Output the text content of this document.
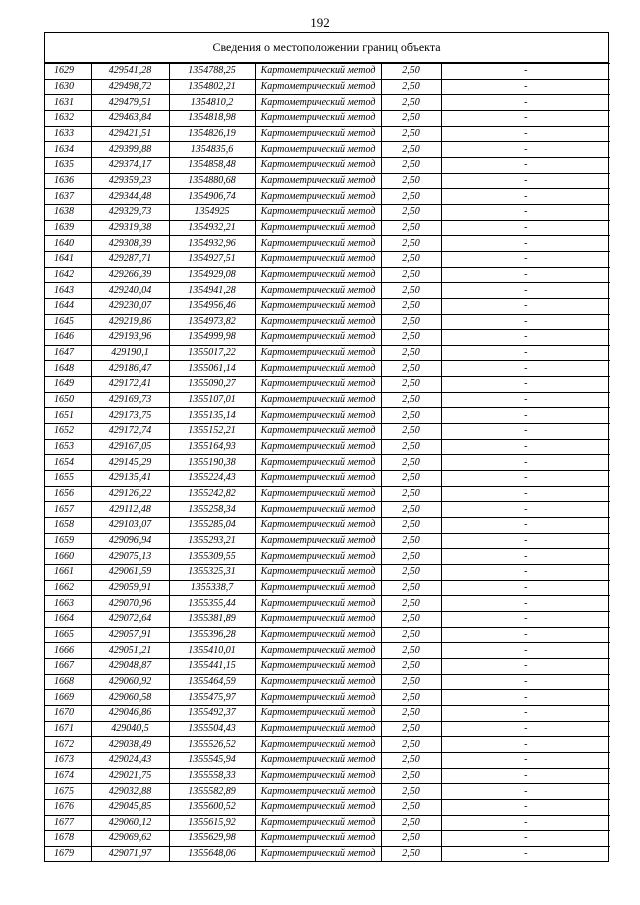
192
Сведения о местоположении границ объекта
1629	429541,28	1354788,25	Картометрический метод	2,50	-
1630	429498,72	1354802,21	Картометрический метод	2,50	-
1631	429479,51	1354810,2	Картометрический метод	2,50	-
1632	429463,84	1354818,98	Картометрический метод	2,50	-
1633	429421,51	1354826,19	Картометрический метод	2,50	-
1634	429399,88	1354835,6	Картометрический метод	2,50	-
1635	429374,17	1354858,48	Картометрический метод	2,50	-
1636	429359,23	1354880,68	Картометрический метод	2,50	-
1637	429344,48	1354906,74	Картометрический метод	2,50	-
1638	429329,73	1354925	Картометрический метод	2,50	-
1639	429319,38	1354932,21	Картометрический метод	2,50	-
1640	429308,39	1354932,96	Картометрический метод	2,50	-
1641	429287,71	1354927,51	Картометрический метод	2,50	-
1642	429266,39	1354929,08	Картометрический метод	2,50	-
1643	429240,04	1354941,28	Картометрический метод	2,50	-
1644	429230,07	1354956,46	Картометрический метод	2,50	-
1645	429219,86	1354973,82	Картометрический метод	2,50	-
1646	429193,96	1354999,98	Картометрический метод	2,50	-
1647	429190,1	1355017,22	Картометрический метод	2,50	-
1648	429186,47	1355061,14	Картометрический метод	2,50	-
1649	429172,41	1355090,27	Картометрический метод	2,50	-
1650	429169,73	1355107,01	Картометрический метод	2,50	-
1651	429173,75	1355135,14	Картометрический метод	2,50	-
1652	429172,74	1355152,21	Картометрический метод	2,50	-
1653	429167,05	1355164,93	Картометрический метод	2,50	-
1654	429145,29	1355190,38	Картометрический метод	2,50	-
1655	429135,41	1355224,43	Картометрический метод	2,50	-
1656	429126,22	1355242,82	Картометрический метод	2,50	-
1657	429112,48	1355258,34	Картометрический метод	2,50	-
1658	429103,07	1355285,04	Картометрический метод	2,50	-
1659	429096,94	1355293,21	Картометрический метод	2,50	-
1660	429075,13	1355309,55	Картометрический метод	2,50	-
1661	429061,59	1355325,31	Картометрический метод	2,50	-
1662	429059,91	1355338,7	Картометрический метод	2,50	-
1663	429070,96	1355355,44	Картометрический метод	2,50	-
1664	429072,64	1355381,89	Картометрический метод	2,50	-
1665	429057,91	1355396,28	Картометрический метод	2,50	-
1666	429051,21	1355410,01	Картометрический метод	2,50	-
1667	429048,87	1355441,15	Картометрический метод	2,50	-
1668	429060,92	1355464,59	Картометрический метод	2,50	-
1669	429060,58	1355475,97	Картометрический метод	2,50	-
1670	429046,86	1355492,37	Картометрический метод	2,50	-
1671	429040,5	1355504,43	Картометрический метод	2,50	-
1672	429038,49	1355526,52	Картометрический метод	2,50	-
1673	429024,43	1355545,94	Картометрический метод	2,50	-
1674	429021,75	1355558,33	Картометрический метод	2,50	-
1675	429032,88	1355582,89	Картометрический метод	2,50	-
1676	429045,85	1355600,52	Картометрический метод	2,50	-
1677	429060,12	1355615,92	Картометрический метод	2,50	-
1678	429069,62	1355629,98	Картометрический метод	2,50	-
1679	429071,97	1355648,06	Картометрический метод	2,50	-
